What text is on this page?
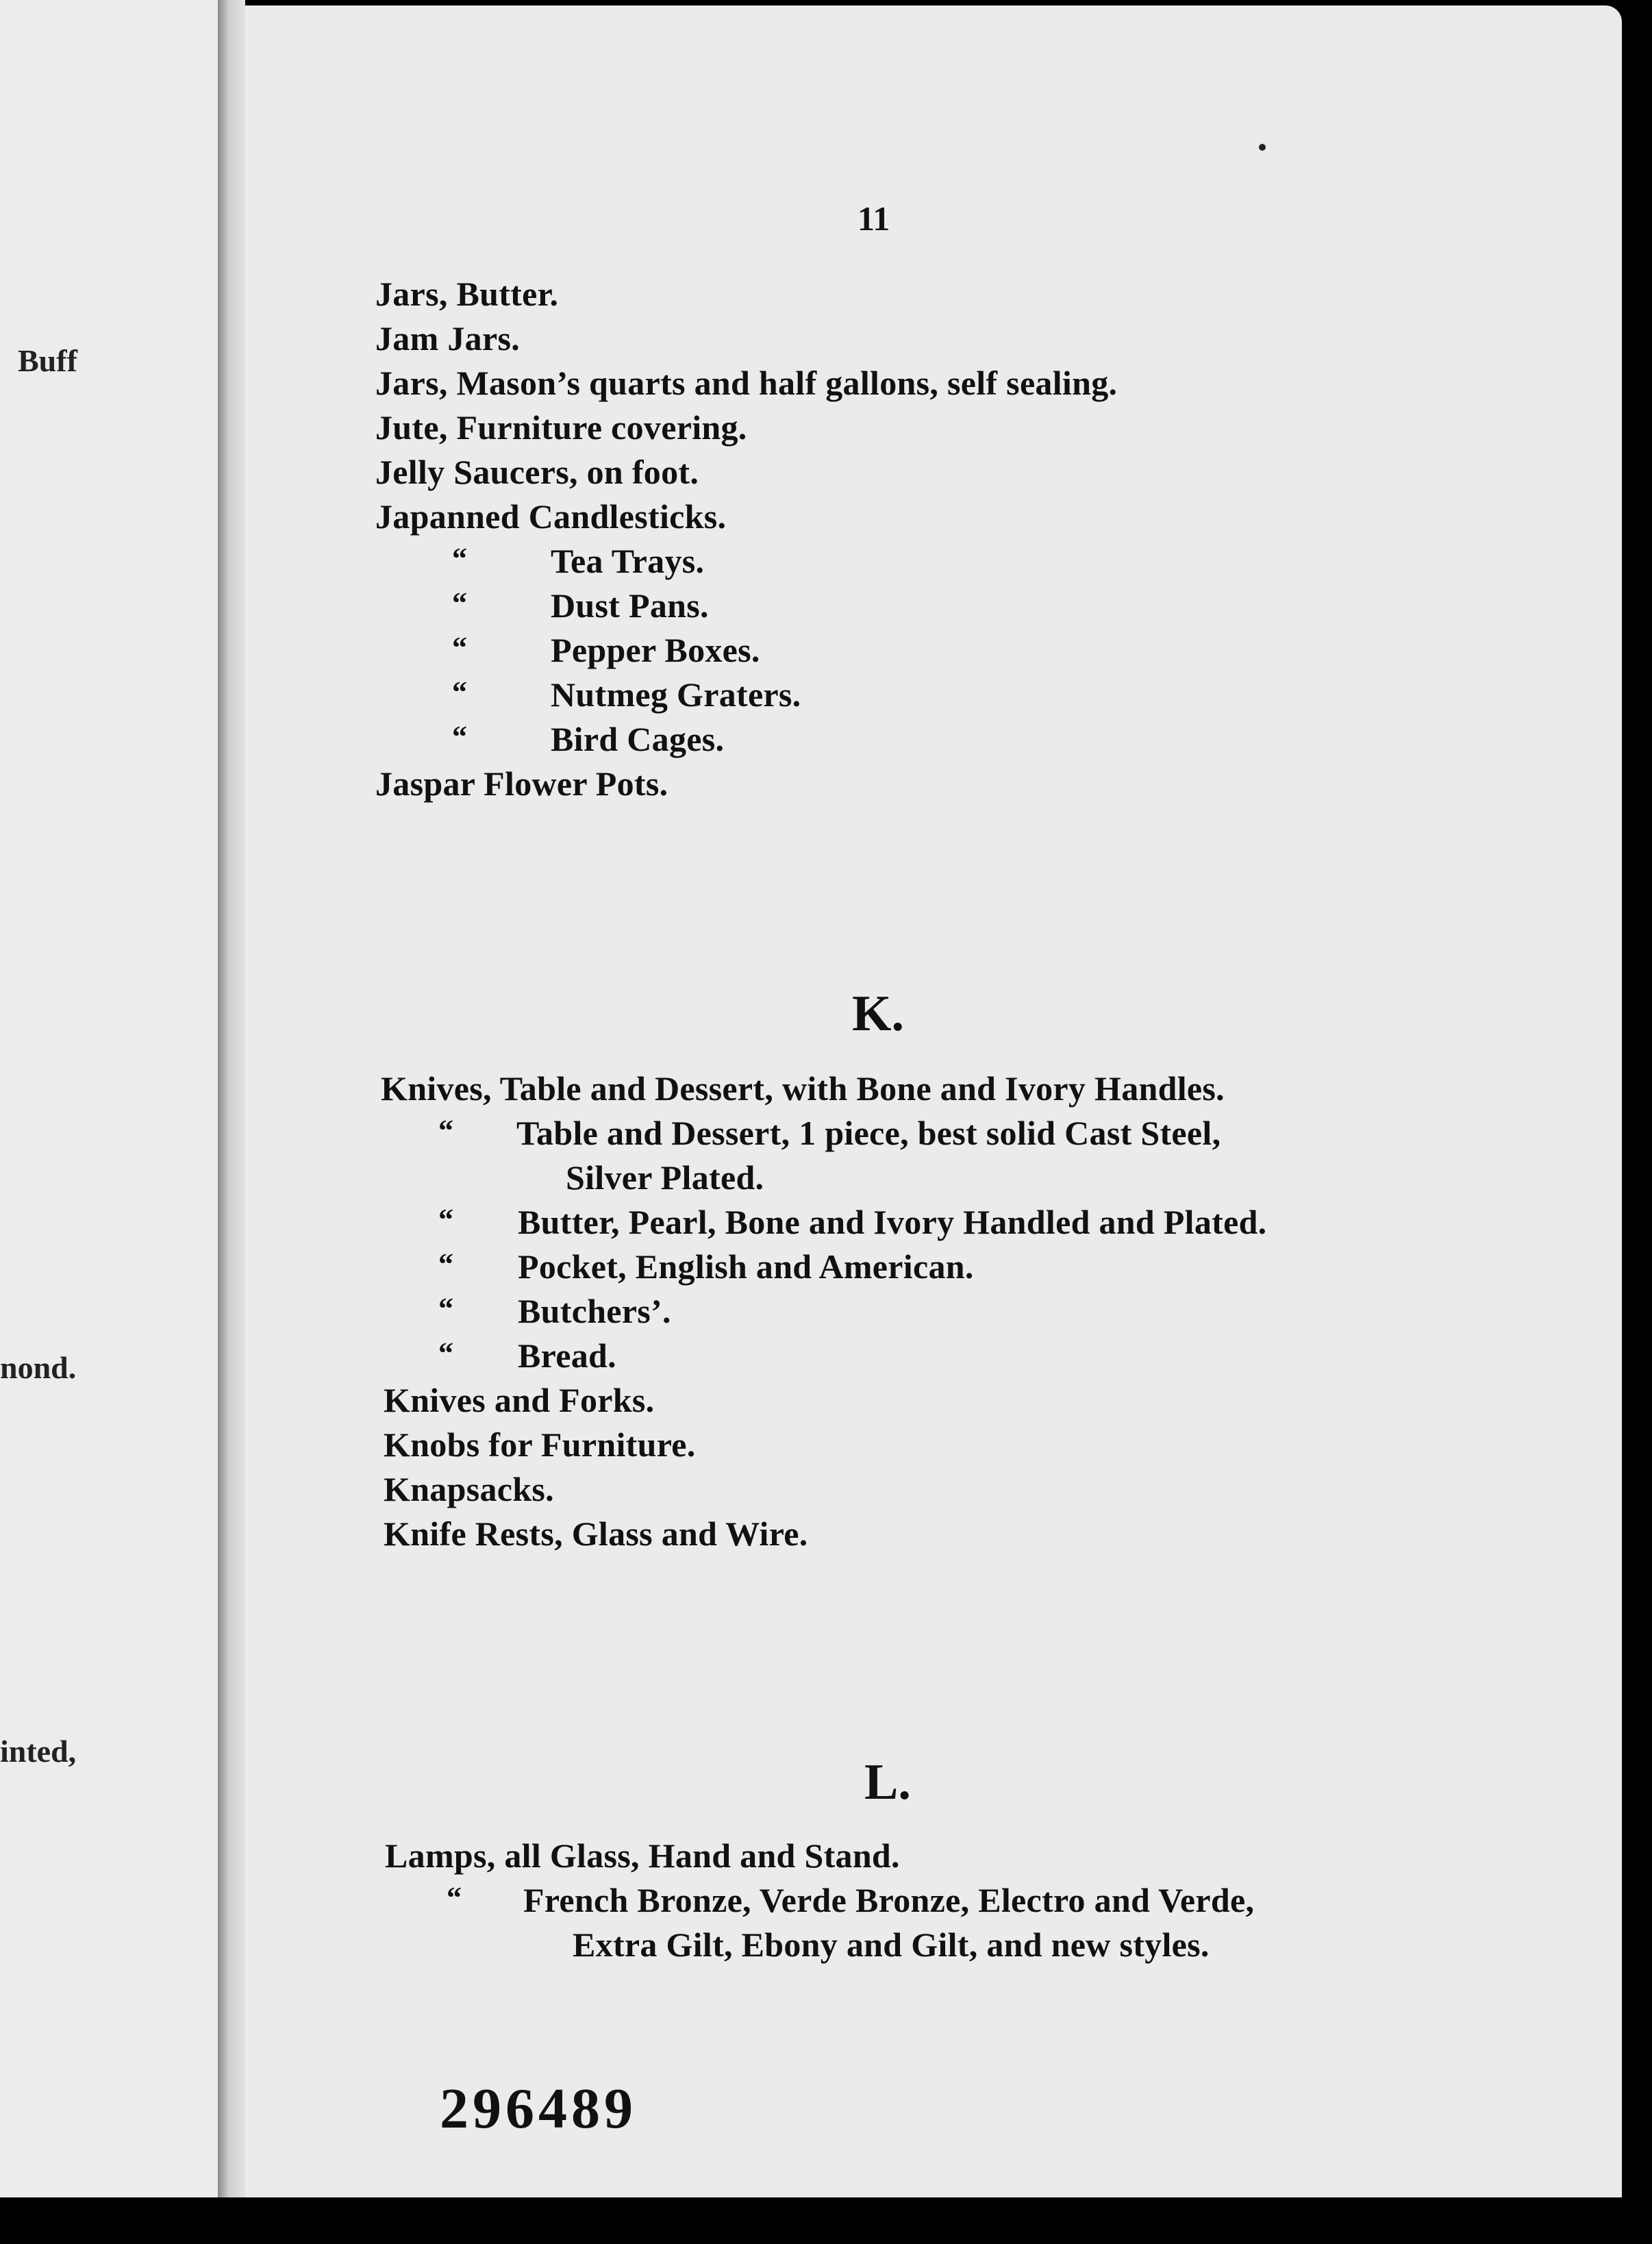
Buff
nond.
inted,
11
Jars, Butter.
Jam Jars.
Jars, Mason’s quarts and half gallons, self sealing.
Jute, Furniture covering.
Jelly Saucers, on foot.
Japanned Candlesticks.
“ Tea Trays.
“ Dust Pans.
“ Pepper Boxes.
“ Nutmeg Graters.
“ Bird Cages.
Jaspar Flower Pots.
K.
Knives, Table and Dessert, with Bone and Ivory Handles.
“ Table and Dessert, 1 piece, best solid Cast Steel,
Silver Plated.
“ Butter, Pearl, Bone and Ivory Handled and Plated.
“ Pocket, English and American.
“ Butchers’.
“ Bread.
Knives and Forks.
Knobs for Furniture.
Knapsacks.
Knife Rests, Glass and Wire.
L.
Lamps, all Glass, Hand and Stand.
“ French Bronze, Verde Bronze, Electro and Verde,
Extra Gilt, Ebony and Gilt, and new styles.
296489
